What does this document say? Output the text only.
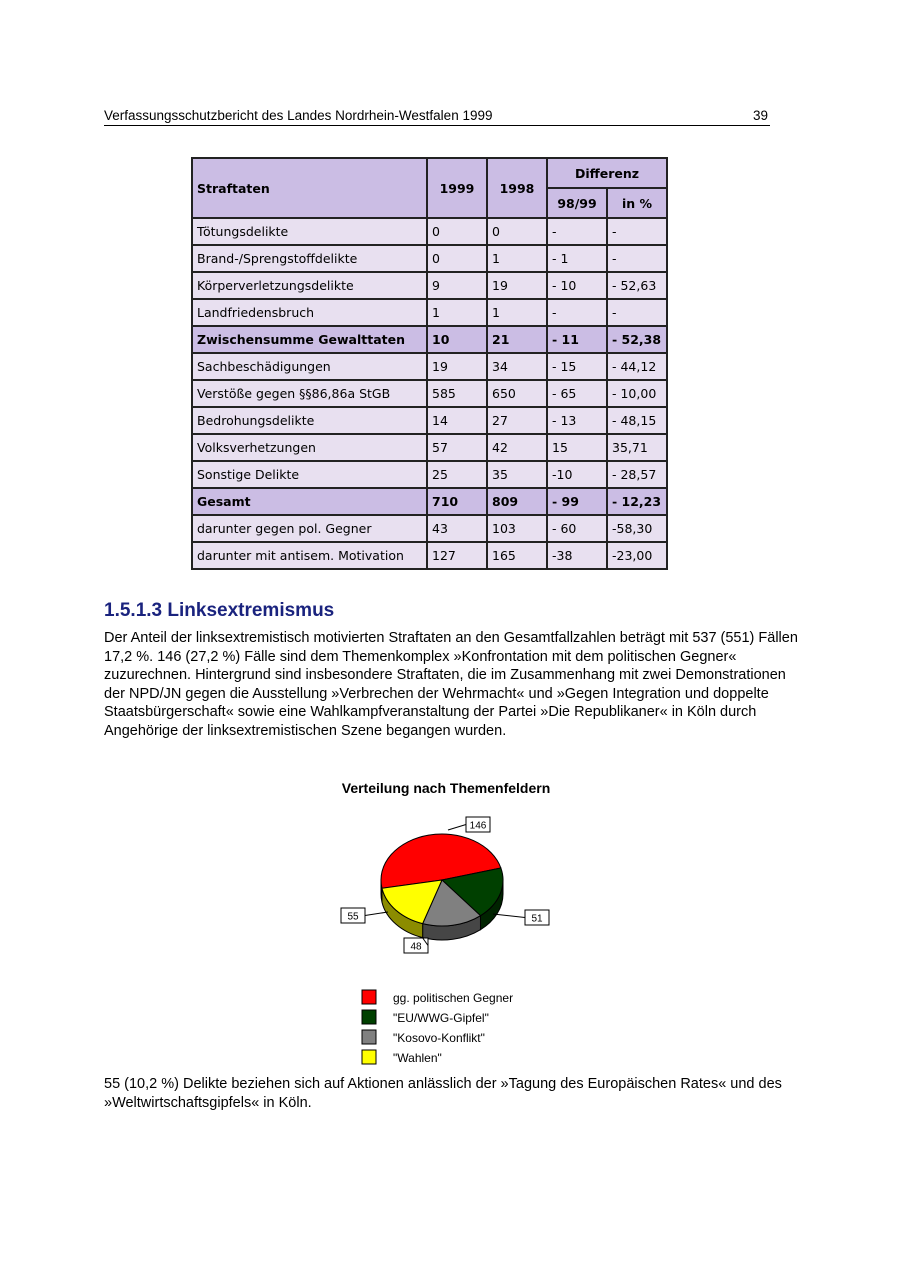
Verfassungsschutzbericht des Landes Nordrhein-Westfalen 1999	39
Straftaten	1999	1998	Differenz	
			98/99	in %
Tötungsdelikte	0	0	-	-
Brand-/Sprengstoffdelikte	0	1	- 1	-
Körperverletzungsdelikte	9	19	- 10	- 52,63
Landfriedensbruch	1	1	-	-
Zwischensumme Gewalttaten	10	21	- 11	- 52,38
Sachbeschädigungen	19	34	- 15	- 44,12
Verstöße gegen §§86,86a StGB	585	650	- 65	- 10,00
Bedrohungsdelikte	14	27	- 13	- 48,15
Volksverhetzungen	57	42	15	35,71
Sonstige Delikte	25	35	-10	- 28,57
Gesamt	710	809	- 99	- 12,23
darunter gegen pol. Gegner	43	103	- 60	-58,30
darunter mit antisem. Motivation	127	165	-38	-23,00
1.5.1.3 Linksextremismus

Der Anteil der linksextremistisch motivierten Straftaten an den Gesamtfallzahlen beträgt mit 537 (551) Fällen 17,2 %. 146 (27,2 %) Fälle sind dem Themenkomplex »Konfrontation mit dem politischen Gegner« zuzurechnen. Hintergrund sind insbesondere Straftaten, die im Zusammenhang mit zwei Demonstrationen der NPD/JN gegen die Ausstellung »Verbrechen der Wehrmacht« und »Gegen Integration und doppelte Staatsbürgerschaft« sowie eine Wahlkampfveranstaltung der Partei »Die Republikaner« in Köln durch Angehörige der linksextremistischen Szene begangen wurden.

Verteilung nach Themenfeldern
146
55
48
51
gg. politischen Gegner
"EU/WWG-Gipfel"
"Kosovo-Konflikt"
"Wahlen"

55 (10,2 %) Delikte beziehen sich auf Aktionen anlässlich der »Tagung des Europäischen Rates« und des »Weltwirtschaftsgipfels« in Köln.
